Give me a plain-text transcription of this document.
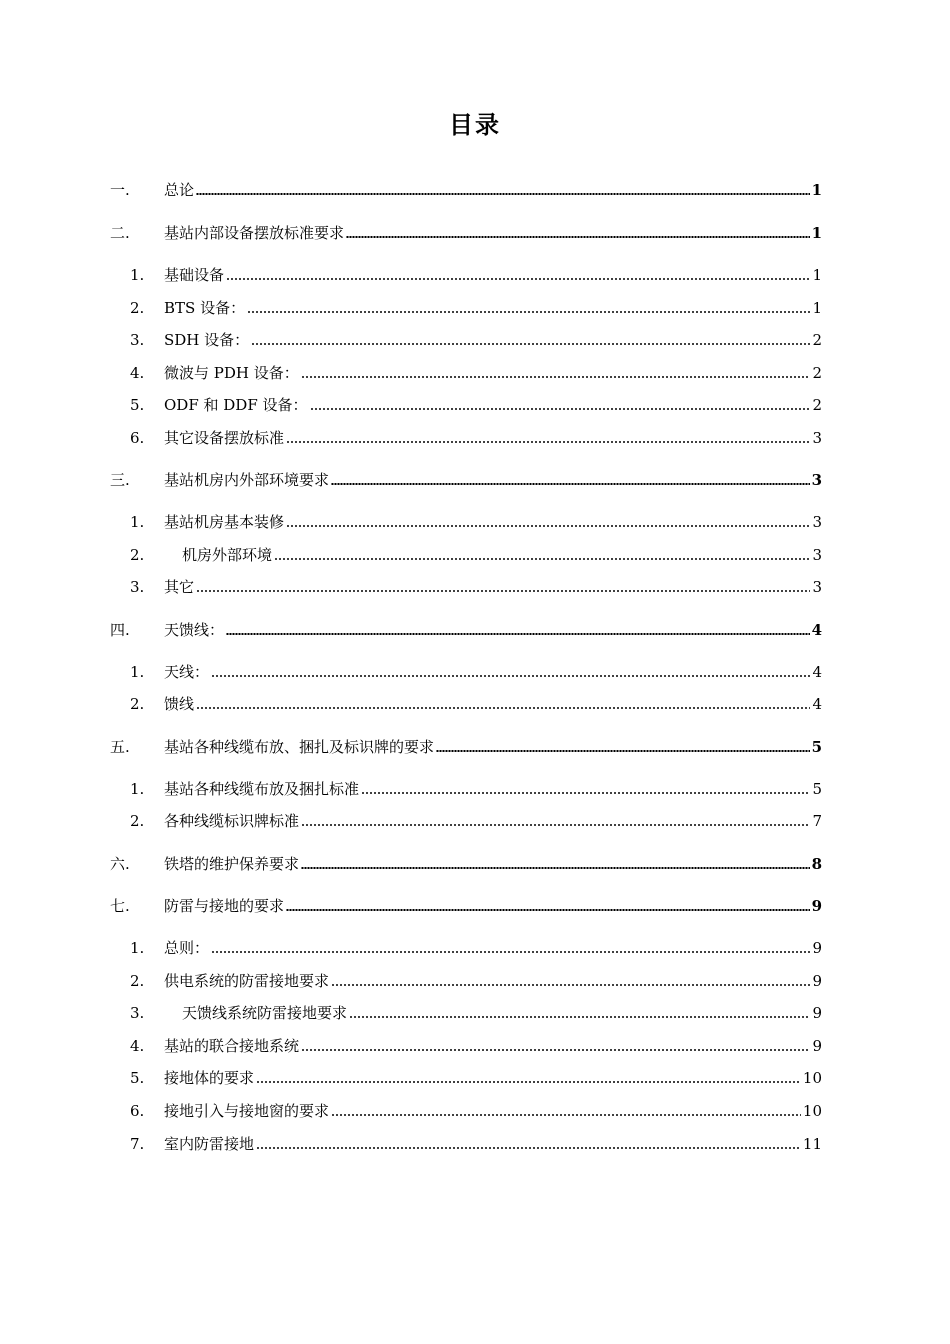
目录
一.	总论	1
二.	基站内部设备摆放标准要求	1
1.	基础设备	1
2.	BTS 设备：	1
3.	SDH 设备：	2
4.	微波与 PDH 设备：	2
5.	ODF 和 DDF 设备：	2
6.	其它设备摆放标准	3
三.	基站机房内外部环境要求	3
1.	基站机房基本装修	3
2.	机房外部环境	3
3.	其它	3
四.	天馈线：	4
1.	天线：	4
2.	馈线	4
五.	基站各种线缆布放、捆扎及标识牌的要求	5
1.	基站各种线缆布放及捆扎标准	5
2.	各种线缆标识牌标准	7
六.	铁塔的维护保养要求	8
七.	防雷与接地的要求	9
1.	总则：	9
2.	供电系统的防雷接地要求	9
3.	天馈线系统防雷接地要求	9
4.	基站的联合接地系统	9
5.	接地体的要求	10
6.	接地引入与接地窗的要求	10
7.	室内防雷接地	11
